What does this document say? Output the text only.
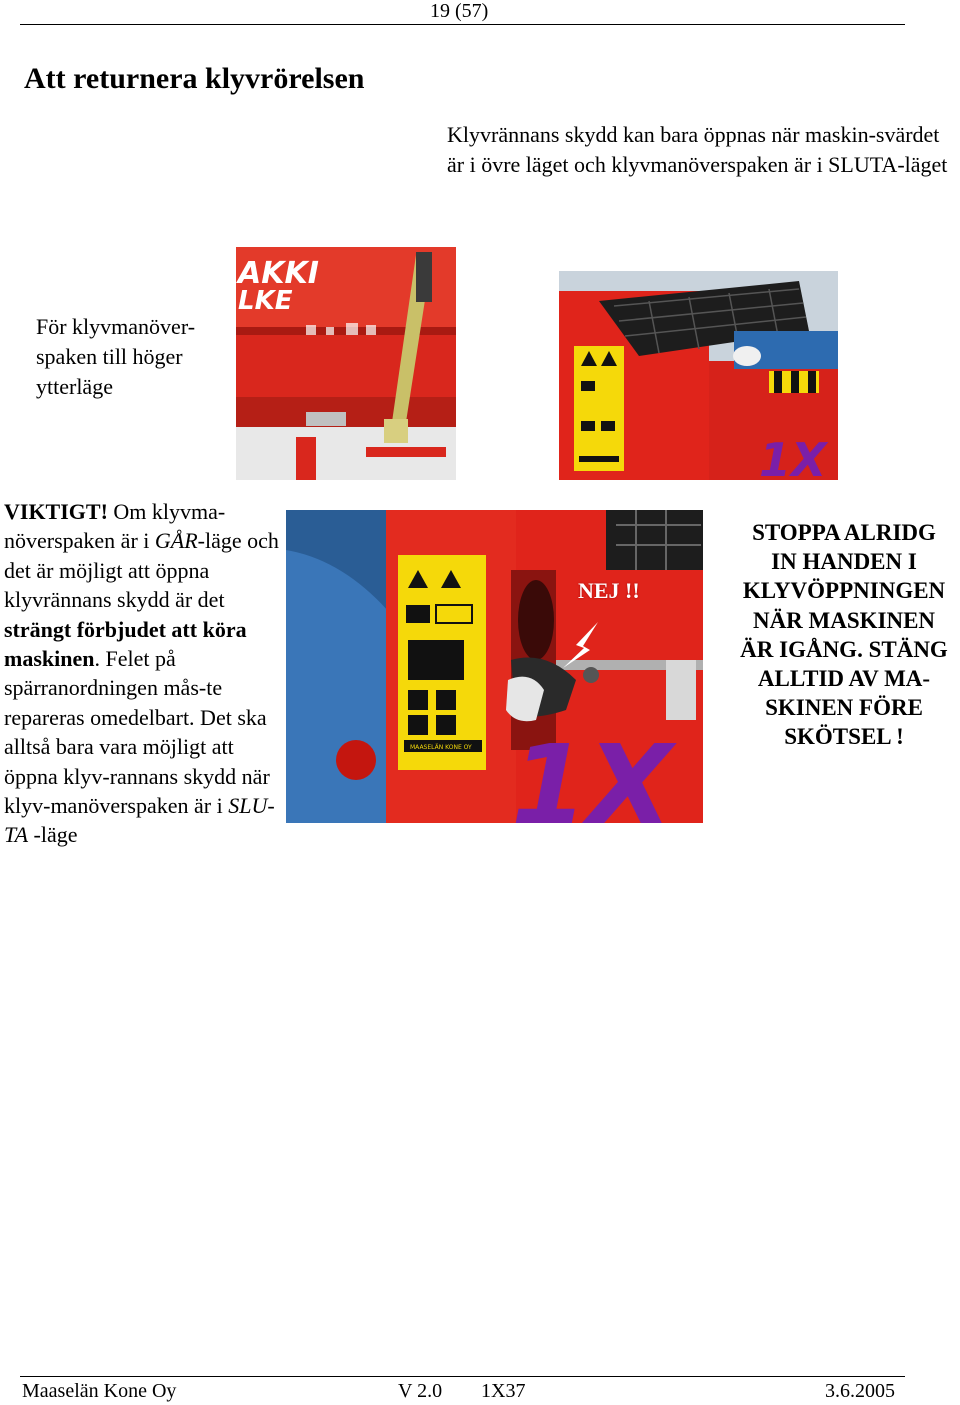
19 (57)
Att returnera klyvrörelsen
Klyvrännans skydd kan bara öppnas när maskin-svärdet är i övre läget och klyvmanöverspaken är i SLUTA-läget
För klyvmanöver-
spaken till höger
ytterläge
AKKI
LKE
1X
VIKTIGT! Om klyvma-növerspaken är i GÅR-läge och det är möjligt att öppna klyvrännans skydd är det strängt förbjudet att köra maskinen. Felet på spärranordningen mås-te repareras omedelbart. Det ska alltså bara vara möjligt att öppna klyv-rannans skydd när klyv-manöverspaken är i SLU-TA -läge
MAASELÄN KONE OY 1X
NEJ !!
STOPPA ALRIDG
IN HANDEN I
KLYVÖPPNINGEN
NÄR MASKINEN
ÄR IGÅNG. STÄNG
ALLTID AV MA-
SKINEN FÖRE
SKÖTSEL !
Maaselän Kone Oy	V 2.0 1X37	3.6.2005
